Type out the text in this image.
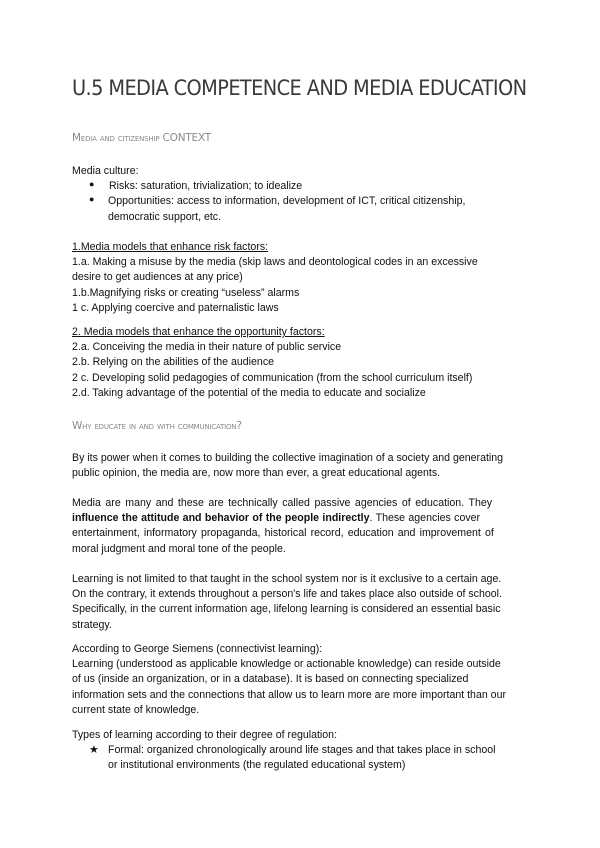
U.5 MEDIA COMPETENCE AND MEDIA EDUCATION
Media and citizenship CONTEXT

Media culture:

● Risks: saturation, trivialization; to idealize

● Opportunities: access to information, development of ICT, critical citizenship,

democratic support, etc.

1.Media models that enhance risk factors:

1.a. Making a misuse by the media (skip laws and deontological codes in an excessive

desire to get audiences at any price)

1.b.Magnifying risks or creating “useless” alarms

1 c. Applying coercive and paternalistic laws

2. Media models that enhance the opportunity factors:

2.a. Conceiving the media in their nature of public service

2.b. Relying on the abilities of the audience

2 c. Developing solid pedagogies of communication (from the school curriculum itself)

2.d. Taking advantage of the potential of the media to educate and socialize

Why educate in and with communication?

By its power when it comes to building the collective imagination of a society and generating

public opinion, the media are, now more than ever, a great educational agents.

Media are many and these are technically called passive agencies of education. They

influence the attitude and behavior of the people indirectly. These agencies cover

entertainment, informatory propaganda, historical record, education and improvement of

moral judgment and moral tone of the people.

Learning is not limited to that taught in the school system nor is it exclusive to a certain age.

On the contrary, it extends throughout a person's life and takes place also outside of school.

Specifically, in the current information age, lifelong learning is considered an essential basic

strategy.

According to George Siemens (connectivist learning):

Learning (understood as applicable knowledge or actionable knowledge) can reside outside

of us (inside an organization, or in a database). It is based on connecting specialized

information sets and the connections that allow us to learn more are more important than our

current state of knowledge.

Types of learning according to their degree of regulation:

★ Formal: organized chronologically around life stages and that takes place in school

or institutional environments (the regulated educational system)
